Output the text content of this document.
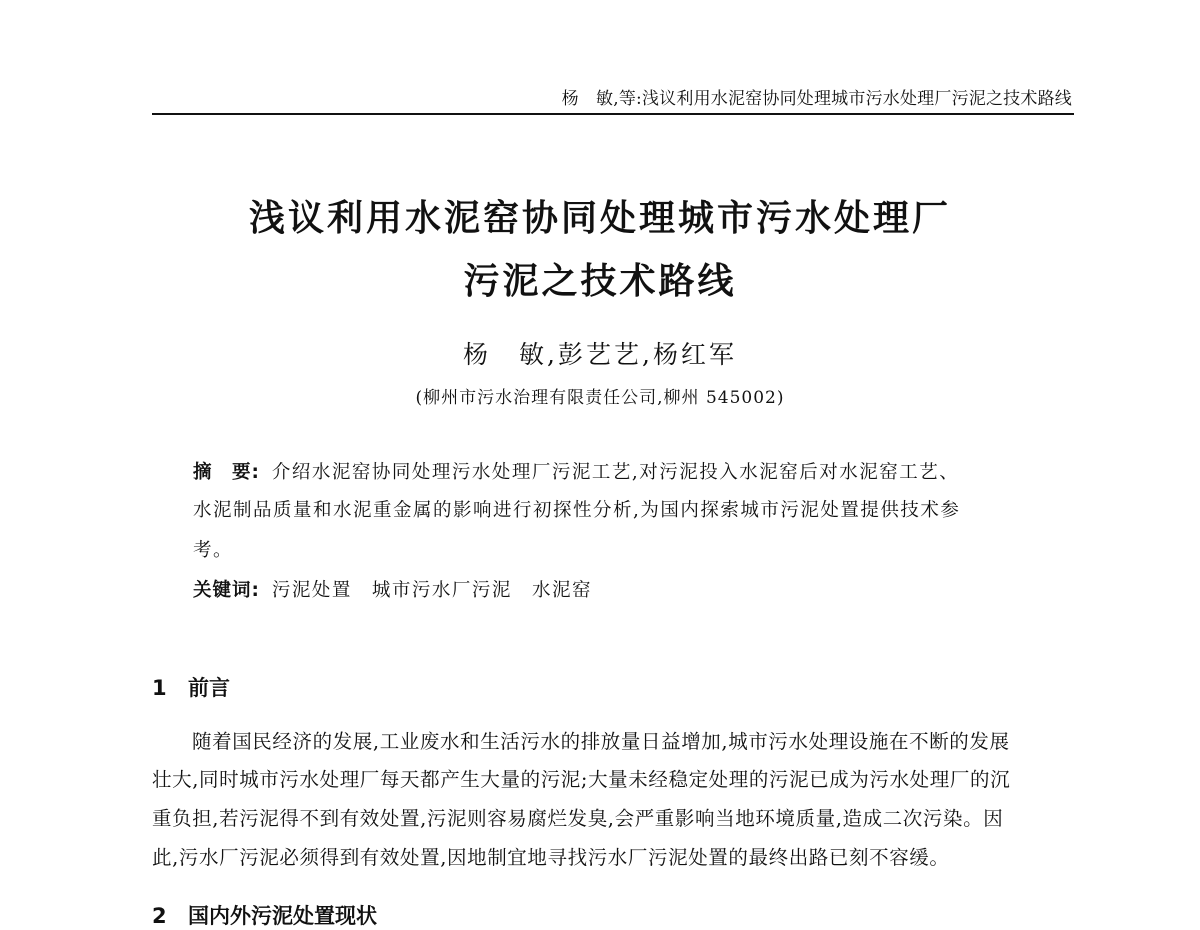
杨　敏,等:浅议利用水泥窑协同处理城市污水处理厂污泥之技术路线
浅议利用水泥窑协同处理城市污水处理厂
污泥之技术路线
杨　敏,彭艺艺,杨红军
(柳州市污水治理有限责任公司,柳州 545002)
摘　要: 介绍水泥窑协同处理污水处理厂污泥工艺,对污泥投入水泥窑后对水泥窑工艺、
水泥制品质量和水泥重金属的影响进行初探性分析,为国内探索城市污泥处置提供技术参
考。
关键词: 污泥处置 城市污水厂污泥 水泥窑
1 前言
随着国民经济的发展,工业废水和生活污水的排放量日益增加,城市污水处理设施在不断的发展
壮大,同时城市污水处理厂每天都产生大量的污泥;大量未经稳定处理的污泥已成为污水处理厂的沉
重负担,若污泥得不到有效处置,污泥则容易腐烂发臭,会严重影响当地环境质量,造成二次污染。因
此,污水厂污泥必须得到有效处置,因地制宜地寻找污水厂污泥处置的最终出路已刻不容缓。
2 国内外污泥处置现状
